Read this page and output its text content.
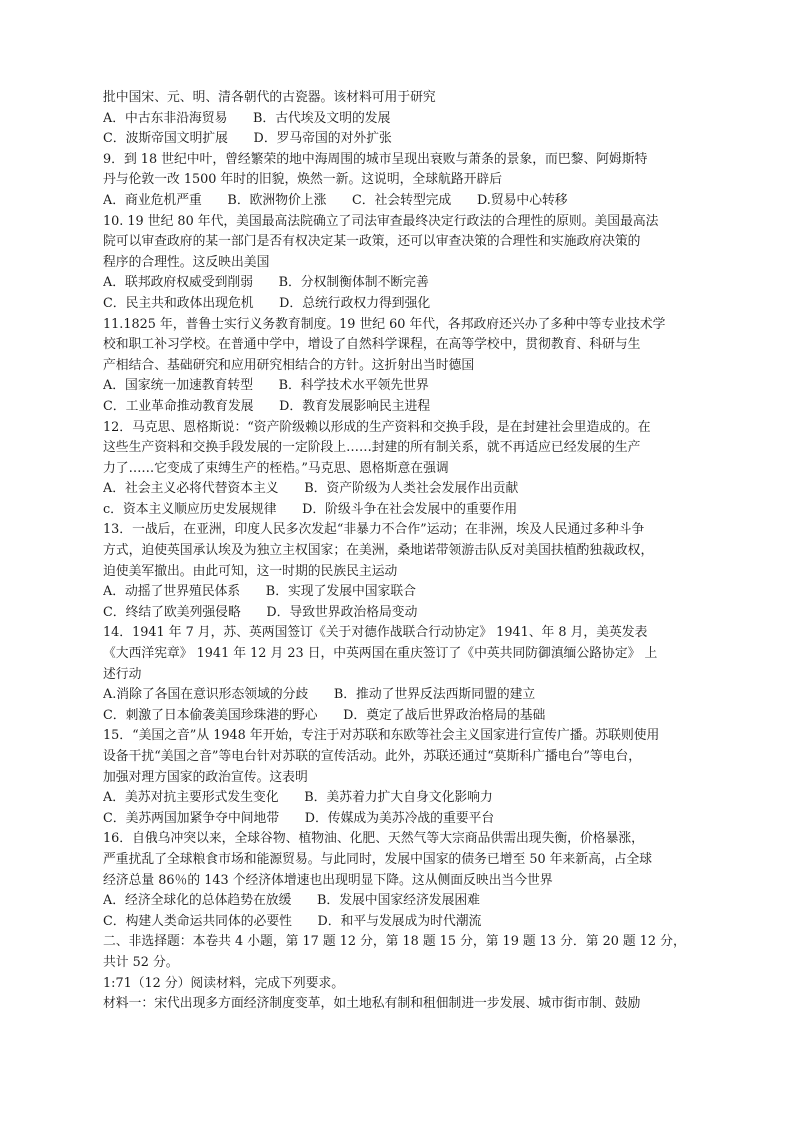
批中国宋、元、明、清各朝代的古瓷器。该材料可用于研究
A．中古东非沿海贸易　　B．古代埃及文明的发展
C．波斯帝国文明扩展　　D．罗马帝国的对外扩张
9．到 18 世纪中叶，曾经繁荣的地中海周围的城市呈现出衰败与萧条的景象，而巴黎、阿姆斯特
丹与伦敦一改 1500 年时的旧貌，焕然一新。这说明，全球航路开辟后
A．商业危机严重　　B．欧洲物价上涨　　C．社会转型完成　　D.贸易中心转移
10. 19 世纪 80 年代，美国最高法院确立了司法审查最终决定行政法的合理性的原则。美国最高法
院可以审查政府的某一部门是否有权决定某一政策，还可以审查决策的合理性和实施政府决策的
程序的合理性。这反映出美国
A．联邦政府权威受到削弱　　B．分权制衡体制不断完善
C．民主共和政体出现危机　　D．总统行政权力得到强化
11.1825 年，普鲁士实行义务教育制度。19 世纪 60 年代，各邦政府还兴办了多种中等专业技术学
校和职工补习学校。在普通中学中，增设了自然科学课程，在高等学校中，贯彻教育、科研与生
产相结合、基础研究和应用研究相结合的方针。这折射出当时德国
A．国家统一加速教育转型　　B．科学技术水平领先世界
C．工业革命推动教育发展　　D．教育发展影响民主进程
12．马克思、恩格斯说：“资产阶级赖以形成的生产资料和交换手段，是在封建社会里造成的。在
这些生产资料和交换手段发展的一定阶段上……封建的所有制关系，就不再适应已经发展的生产
力了……它变成了束缚生产的桎梏。”马克思、恩格斯意在强调
A．社会主义必将代替资本主义　　B．资产阶级为人类社会发展作出贡献
c．资本主义顺应历史发展规律　　D．阶级斗争在社会发展中的重要作用
13．一战后，在亚洲，印度人民多次发起“非暴力不合作”运动；在非洲，埃及人民通过多种斗争
方式，迫使英国承认埃及为独立主权国家；在美洲，桑地诺带领游击队反对美国扶植酌独裁政权，
迫使美军撤出。由此可知，这一时期的民族民主运动
A．动摇了世界殖民体系　　B．实现了发展中国家联合
C．终结了欧美列强侵略　　D．导致世界政治格局变动
14．1941 年 7 月，苏、英两国签订《关于对德作战联合行动协定》 1941、年 8 月，美英发表
《大西洋宪章》 1941 年 12 月 23 日，中英两国在重庆签订了《中英共同防御滇缅公路协定》 上
述行动
A.消除了各国在意识形态领域的分歧　　B．推动了世界反法西斯同盟的建立
C．刺激了日本偷袭美国珍珠港的野心　　D．奠定了战后世界政治格局的基础
15．“美国之音”从 1948 年开始，专注于对苏联和东欧等社会主义国家进行宣传广播。苏联则使用
设备干扰“美国之音”等电台针对苏联的宣传活动。此外，苏联还通过“莫斯科广播电台”等电台，
加强对理方国家的政治宣传。这表明
A．美苏对抗主要形式发生变化　　B．美苏着力扩大自身文化影响力
C．美苏两国加紧争夺中间地带　　D．传媒成为美苏冷战的重要平台
16．自俄乌冲突以来，全球谷物、植物油、化肥、天然气等大宗商品供需出现失衡，价格暴涨，
严重扰乱了全球粮食市场和能源贸易。与此同时，发展中国家的债务已增至 50 年来新高，占全球
经济总量 86％的 143 个经济体增速也出现明显下降。这从侧面反映出当今世界
A．经济全球化的总体趋势在放缓　　B．发展中国家经济发展困难
C．构建人类命运共同体的必要性　　D．和平与发展成为时代潮流
二、非选择题：本卷共 4 小题，第 17 题 12 分，第 18 题 15 分，第 19 题 13 分．第 20 题 12 分，
共计 52 分。
1:71（12 分）阅读材料，完成下列要求。
材料一：宋代出现多方面经济制度变革，如土地私有制和租佃制进一步发展、城市街市制、鼓励
